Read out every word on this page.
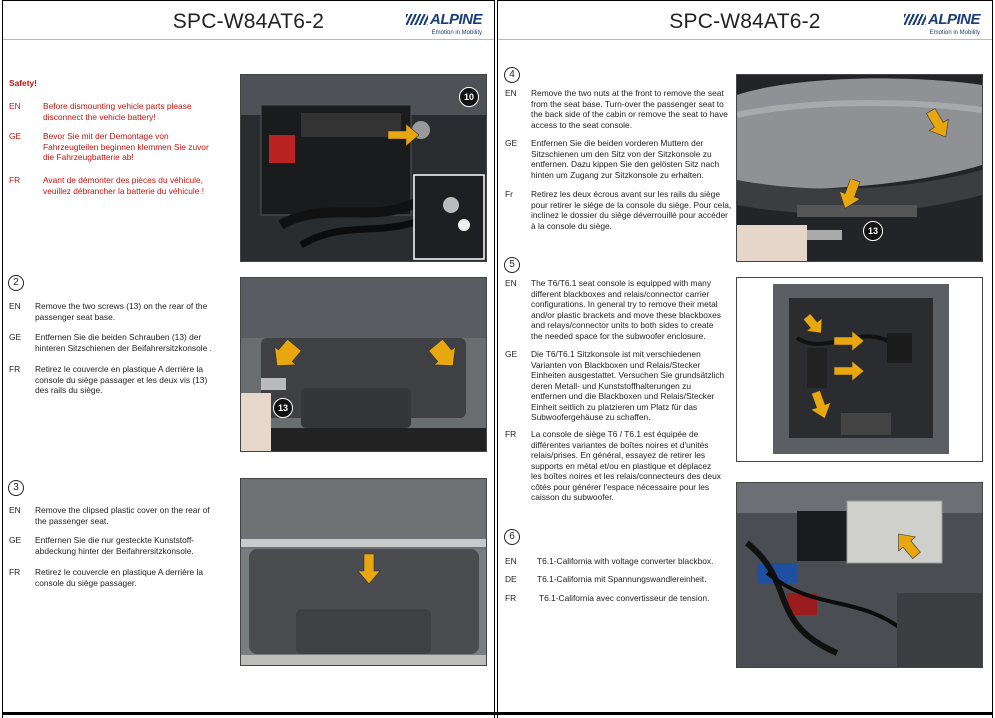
SPC-W84AT6-2	ALPINE
Emotion in Mobility
Safety!
EN	Before dismounting vehicle parts please
disconnect the vehicle battery!
GE	Bevor Sie mit der Demontage von
Fahrzeugteilen beginnen klemmen Sie zuvor
die Fahrzeugbatterie ab!
FR	Avant de démonter des pièces du véhicule,
veuillez débrancher la batterie du véhicule !
10
2
EN Remove the two screws (13) on the rear of the
passenger seat base.
GE Entfernen Sie die beiden Schrauben (13) der
hinteren Sitzschienen der Beifahrersitzkonsole .
FR Retirez le couvercle en plastique A derrière la
console du siège passager et les deux vis (13)
des rails du siège.
13
3
EN Remove the clipsed plastic cover on the rear of
the passenger seat.
GE Entfernen Sie die nur gesteckte Kunststoff-
abdeckung hinter der Beifahrersitzkonsole.
FR Retirez le couvercle en plastique A derrière la
console du siège passager.
SPC-W84AT6-2	ALPINE
Emotion in Mobility
4
EN Remove the two nuts at the front to remove the seat
from the seat base. Turn-over the passenger seat to
the back side of the cabin or remove the seat to have
access to the seat console.
GE Entfernen Sie die beiden vorderen Muttern der
Sitzschienen um den Sitz von der Sitzkonsole zu
entfernen. Dazu kippen Sie den gelösten Sitz nach
hinten um Zugang zur Sitzkonsole zu erhalten.
Fr Retirez les deux écrous avant sur les rails du siège
pour retirer le siège de la console du siège. Pour cela,
inclinez le dossier du siège déverrouillé pour accéder
à la console du siège.
13
5
EN The T6/T6.1 seat console is equipped with many
different blackboxes and relais/connector carrier
configurations. In general try to remove their metal
and/or plastic brackets and move these blackboxes
and relays/connector units to both sides to create
the needed space for the subwoofer enclosure.
GE Die T6/T6.1 Sitzkonsole ist mit verschiedenen
Varianten von Blackboxen und Relais/Stecker
Einheiten ausgestattet. Versuchen Sie grundsätzlich
deren Metall- und Kunststoffhalterungen zu
entfernen und die Blackboxen und Relais/Stecker
Einheit seitlich zu platzieren um Platz für das
Subwoofergehäuse zu schaffen.
FR La console de siège T6 / T6.1 est équipée de
différentes variantes de boîtes noires et d'unités
relais/prises. En général, essayez de retirer les
supports en métal et/ou en plastique et déplacez
les boîtes noires et les relais/connecteurs des deux
côtés pour générer l'espace nécessaire pour les
caisson du subwoofer.
6
EN T6.1-California with voltage converter blackbox.
DE T6.1-California mit Spannungswandlereinheit.
FR	T6.1-California avec convertisseur de tension.
